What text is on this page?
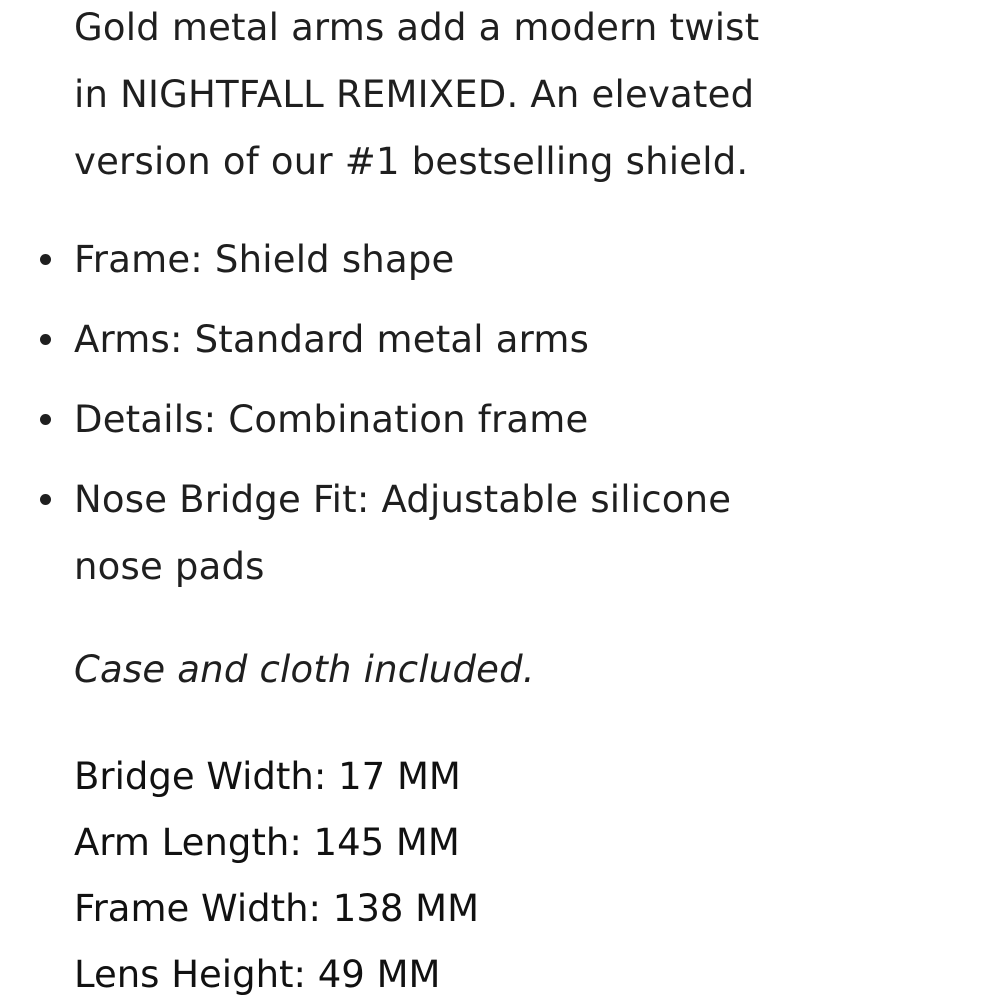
Gold metal arms add a modern twist
in NIGHTFALL REMIXED. An elevated
version of our #1 bestselling shield.

Frame: Shield shape
Arms: Standard metal arms
Details: Combination frame
Nose Bridge Fit: Adjustable silicone
nose pads

Case and cloth included.

Bridge Width: 17 MM
Arm Length: 145 MM
Frame Width: 138 MM
Lens Height: 49 MM
